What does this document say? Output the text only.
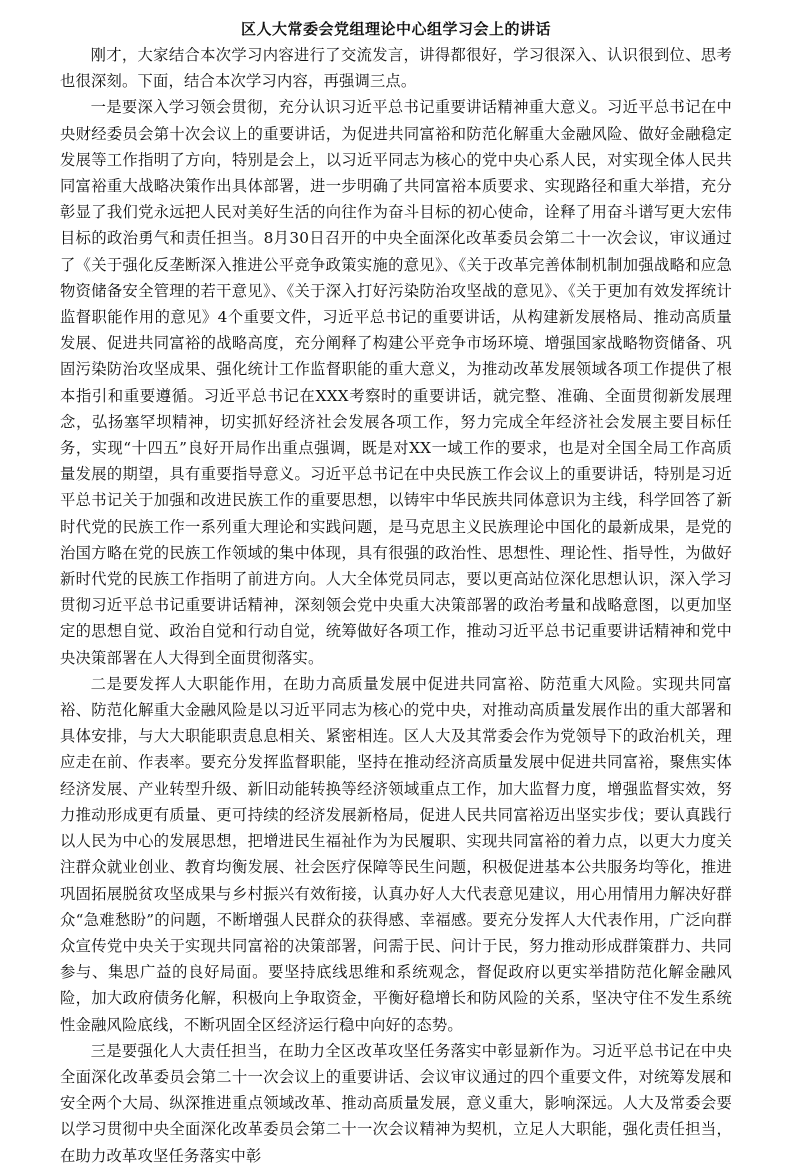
区人大常委会党组理论中心组学习会上的讲话

刚才，大家结合本次学习内容进行了交流发言，讲得都很好，学习很深入、认识很到位、思考也很深刻。下面，结合本次学习内容，再强调三点。

一是要深入学习领会贯彻，充分认识习近平总书记重要讲话精神重大意义。习近平总书记在中央财经委员会第十次会议上的重要讲话，为促进共同富裕和防范化解重大金融风险、做好金融稳定发展等工作指明了方向，特别是会上，以习近平同志为核心的党中央心系人民，对实现全体人民共同富裕重大战略决策作出具体部署，进一步明确了共同富裕本质要求、实现路径和重大举措，充分彰显了我们党永远把人民对美好生活的向往作为奋斗目标的初心使命，诠释了用奋斗谱写更大宏伟目标的政治勇气和责任担当。8月30日召开的中央全面深化改革委员会第二十一次会议，审议通过了《关于强化反垄断深入推进公平竞争政策实施的意见》、《关于改革完善体制机制加强战略和应急物资储备安全管理的若干意见》、《关于深入打好污染防治攻坚战的意见》、《关于更加有效发挥统计监督职能作用的意见》4个重要文件，习近平总书记的重要讲话，从构建新发展格局、推动高质量发展、促进共同富裕的战略高度，充分阐释了构建公平竞争市场环境、增强国家战略物资储备、巩固污染防治攻坚成果、强化统计工作监督职能的重大意义，为推动改革发展领域各项工作提供了根本指引和重要遵循。习近平总书记在XXX考察时的重要讲话，就完整、准确、全面贯彻新发展理念，弘扬塞罕坝精神，切实抓好经济社会发展各项工作，努力完成全年经济社会发展主要目标任务，实现“十四五”良好开局作出重点强调，既是对XX一域工作的要求，也是对全国全局工作高质量发展的期望，具有重要指导意义。习近平总书记在中央民族工作会议上的重要讲话，特别是习近平总书记关于加强和改进民族工作的重要思想，以铸牢中华民族共同体意识为主线，科学回答了新时代党的民族工作一系列重大理论和实践问题，是马克思主义民族理论中国化的最新成果，是党的治国方略在党的民族工作领域的集中体现，具有很强的政治性、思想性、理论性、指导性，为做好新时代党的民族工作指明了前进方向。人大全体党员同志，要以更高站位深化思想认识，深入学习贯彻习近平总书记重要讲话精神，深刻领会党中央重大决策部署的政治考量和战略意图，以更加坚定的思想自觉、政治自觉和行动自觉，统筹做好各项工作，推动习近平总书记重要讲话精神和党中央决策部署在人大得到全面贯彻落实。

二是要发挥人大职能作用，在助力高质量发展中促进共同富裕、防范重大风险。实现共同富裕、防范化解重大金融风险是以习近平同志为核心的党中央，对推动高质量发展作出的重大部署和具体安排，与大大职能职责息息相关、紧密相连。区人大及其常委会作为党领导下的政治机关，理应走在前、作表率。要充分发挥监督职能，坚持在推动经济高质量发展中促进共同富裕，聚焦实体经济发展、产业转型升级、新旧动能转换等经济领域重点工作，加大监督力度，增强监督实效，努力推动形成更有质量、更可持续的经济发展新格局，促进人民共同富裕迈出坚实步伐；要认真践行以人民为中心的发展思想，把增进民生福祉作为为民履职、实现共同富裕的着力点，以更大力度关注群众就业创业、教育均衡发展、社会医疗保障等民生问题，积极促进基本公共服务均等化，推进巩固拓展脱贫攻坚成果与乡村振兴有效衔接，认真办好人大代表意见建议，用心用情用力解决好群众“急难愁盼”的问题，不断增强人民群众的获得感、幸福感。要充分发挥人大代表作用，广泛向群众宣传党中央关于实现共同富裕的决策部署，问需于民、问计于民，努力推动形成群策群力、共同参与、集思广益的良好局面。要坚持底线思维和系统观念，督促政府以更实举措防范化解金融风险，加大政府债务化解，积极向上争取资金，平衡好稳增长和防风险的关系，坚决守住不发生系统性金融风险底线，不断巩固全区经济运行稳中向好的态势。

三是要强化人大责任担当，在助力全区改革攻坚任务落实中彰显新作为。习近平总书记在中央全面深化改革委员会第二十一次会议上的重要讲话、会议审议通过的四个重要文件，对统筹发展和安全两个大局、纵深推进重点领域改革、推动高质量发展，意义重大，影响深远。人大及常委会要以学习贯彻中央全面深化改革委员会第二十一次会议精神为契机，立足人大职能，强化责任担当，在助力改革攻坚任务落实中彰
